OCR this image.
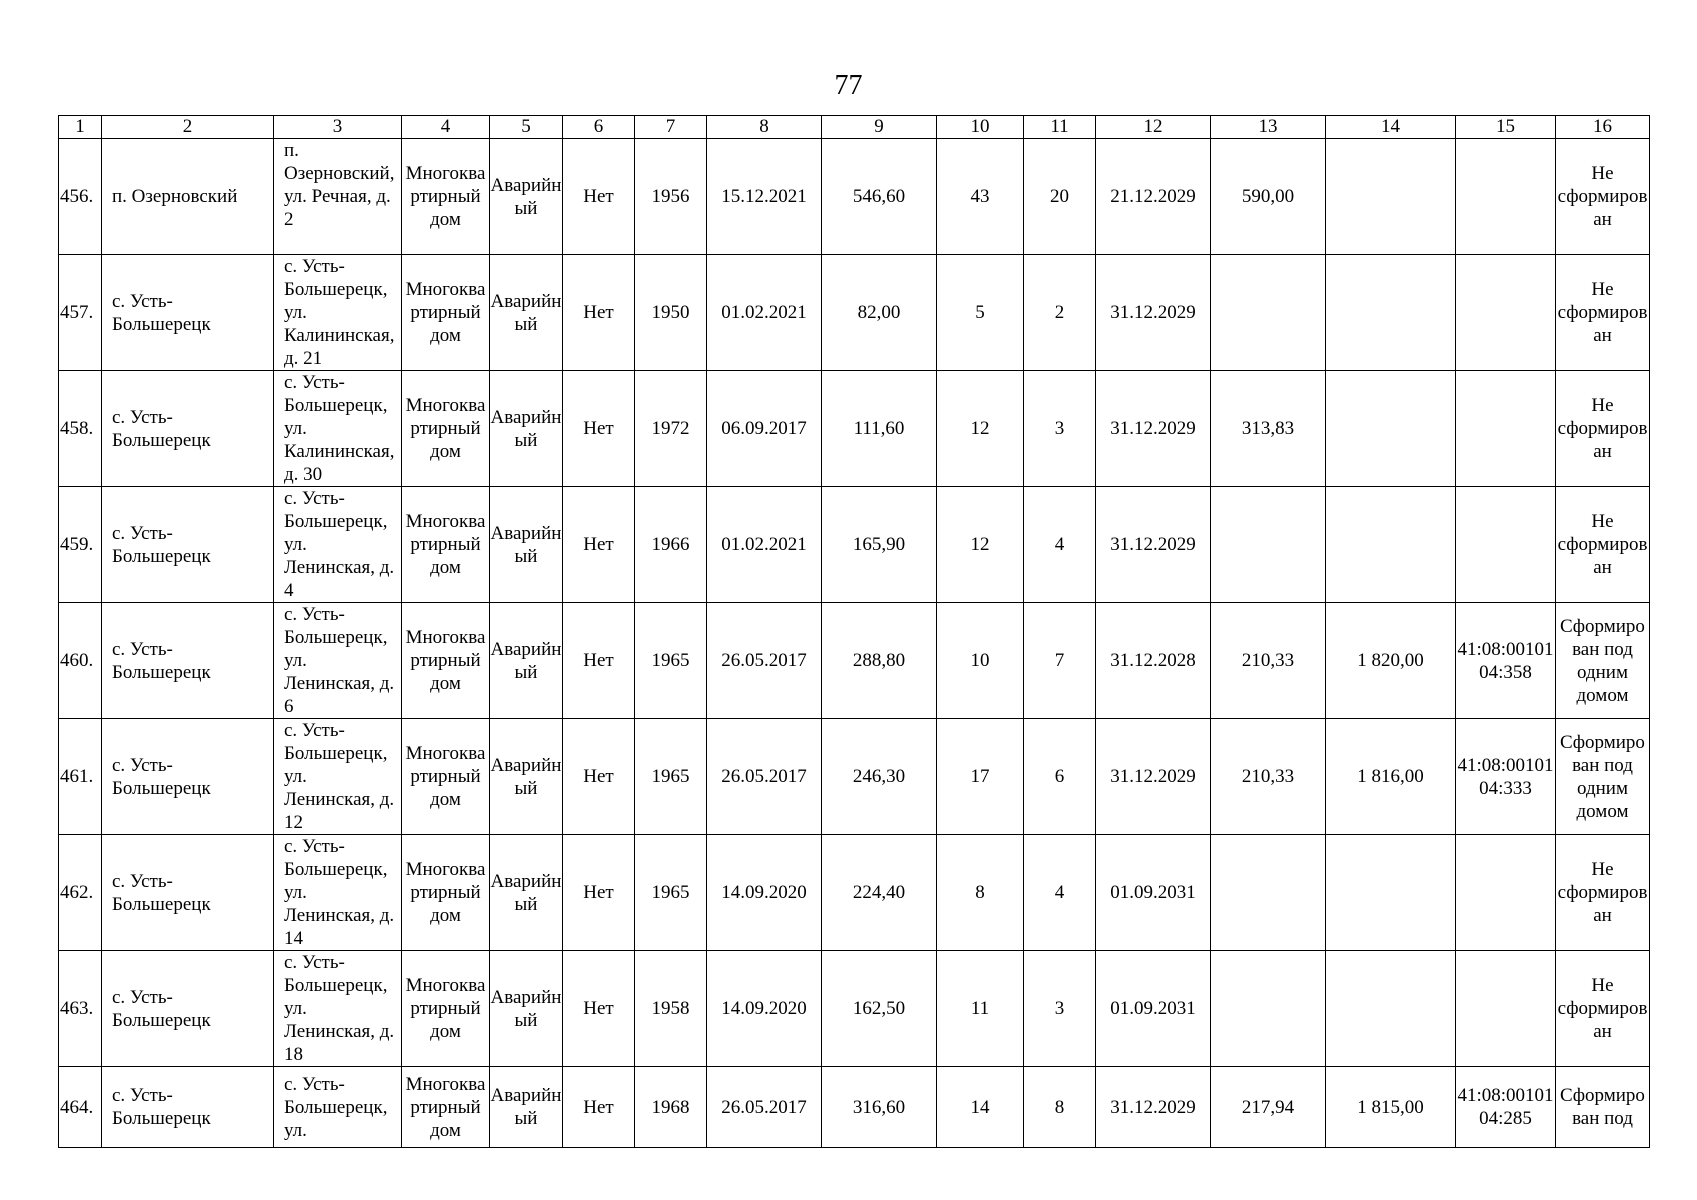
77
1	2	3	4	5	6	7	8	9	10	11	12	13	14	15	16
456.	п. Озерновский	п. Озерновский, ул. Речная, д. 2	Многоквартирный дом	Аварийный	Нет	1956	15.12.2021	546,60	43	20	21.12.2029	590,00			Не сформирован
457.	с. Усть-Большерецк	с. Усть-Большерецк, ул. Калининская, д. 21	Многоквартирный дом	Аварийный	Нет	1950	01.02.2021	82,00	5	2	31.12.2029				Не сформирован
458.	с. Усть-Большерецк	с. Усть-Большерецк, ул. Калининская, д. 30	Многоквартирный дом	Аварийный	Нет	1972	06.09.2017	111,60	12	3	31.12.2029	313,83			Не сформирован
459.	с. Усть-Большерецк	с. Усть-Большерецк, ул. Ленинская, д. 4	Многоквартирный дом	Аварийный	Нет	1966	01.02.2021	165,90	12	4	31.12.2029				Не сформирован
460.	с. Усть-Большерецк	с. Усть-Большерецк, ул. Ленинская, д. 6	Многоквартирный дом	Аварийный	Нет	1965	26.05.2017	288,80	10	7	31.12.2028	210,33	1 820,00	41:08:0010104:358	Сформирован под одним домом
461.	с. Усть-Большерецк	с. Усть-Большерецк, ул. Ленинская, д. 12	Многоквартирный дом	Аварийный	Нет	1965	26.05.2017	246,30	17	6	31.12.2029	210,33	1 816,00	41:08:0010104:333	Сформирован под одним домом
462.	с. Усть-Большерецк	с. Усть-Большерецк, ул. Ленинская, д. 14	Многоквартирный дом	Аварийный	Нет	1965	14.09.2020	224,40	8	4	01.09.2031				Не сформирован
463.	с. Усть-Большерецк	с. Усть-Большерецк, ул. Ленинская, д. 18	Многоквартирный дом	Аварийный	Нет	1958	14.09.2020	162,50	11	3	01.09.2031				Не сформирован
464.	с. Усть-Большерецк	с. Усть-Большерецк, ул.	Многоквартирный дом	Аварийный	Нет	1968	26.05.2017	316,60	14	8	31.12.2029	217,94	1 815,00	41:08:0010104:285	Сформирован под
